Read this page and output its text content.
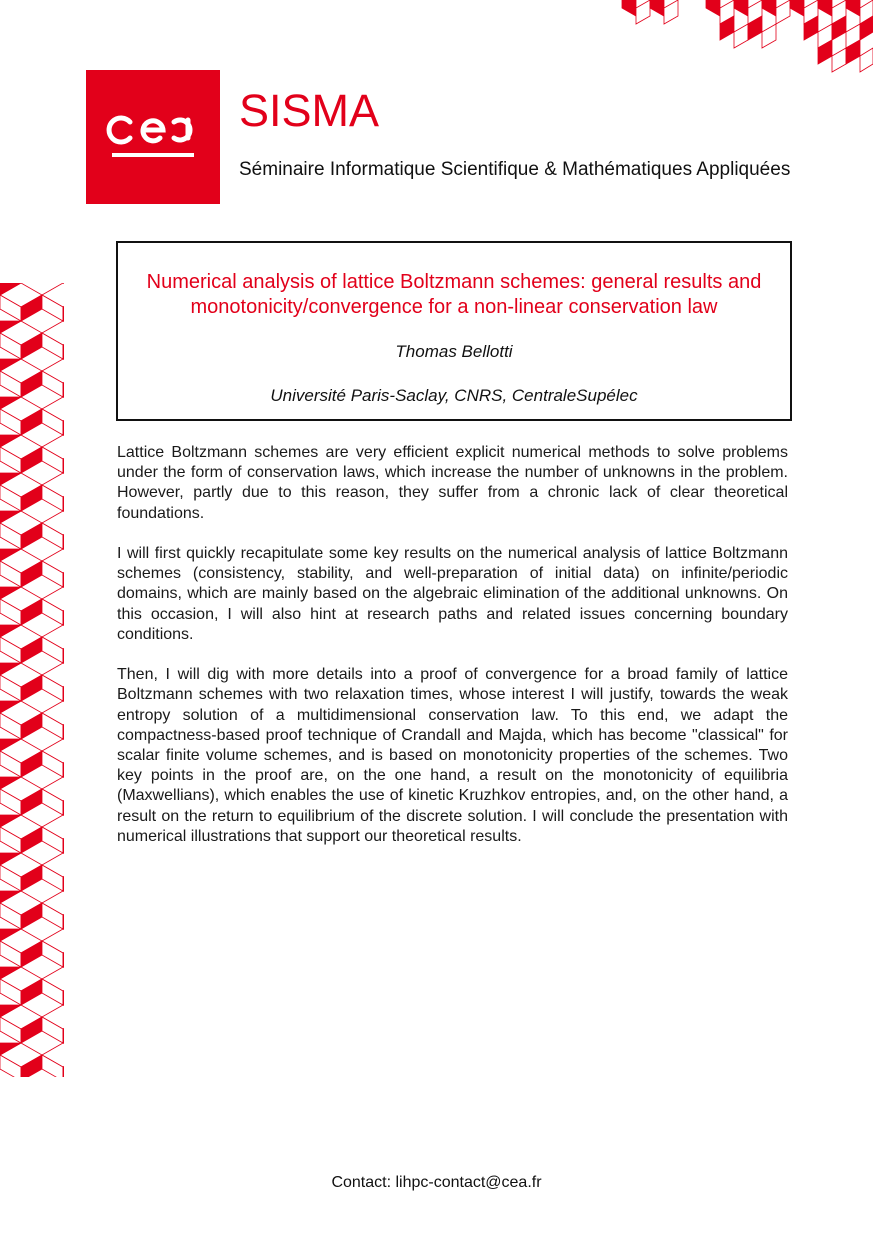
SISMA
Séminaire Informatique Scientifique & Mathématiques Appliquées
Numerical analysis of lattice Boltzmann schemes: general results and monotonicity/convergence for a non-linear conservation law
Thomas Bellotti
Université Paris-Saclay, CNRS, CentraleSupélec

Lattice Boltzmann schemes are very efficient explicit numerical methods to solve problems under the form of conservation laws, which increase the number of unknowns in the problem. However, partly due to this reason, they suffer from a chronic lack of clear theoretical foundations.

I will first quickly recapitulate some key results on the numerical analysis of lattice Boltzmann schemes (consistency, stability, and well-preparation of initial data) on infinite/periodic domains, which are mainly based on the algebraic elimination of the additional unknowns. On this occasion, I will also hint at research paths and related issues concerning boundary conditions.

Then, I will dig with more details into a proof of convergence for a broad family of lattice Boltzmann schemes with two relaxation times, whose interest I will justify, towards the weak entropy solution of a multidimensional conservation law. To this end, we adapt the compactness-based proof technique of Crandall and Majda, which has become "classical" for scalar finite volume schemes, and is based on monotonicity properties of the schemes. Two key points in the proof are, on the one hand, a result on the monotonicity of equilibria (Maxwellians), which enables the use of kinetic Kruzhkov entropies, and, on the other hand, a result on the return to equilibrium of the discrete solution. I will conclude the presentation with numerical illustrations that support our theoretical results.

Contact: lihpc-contact@cea.fr
